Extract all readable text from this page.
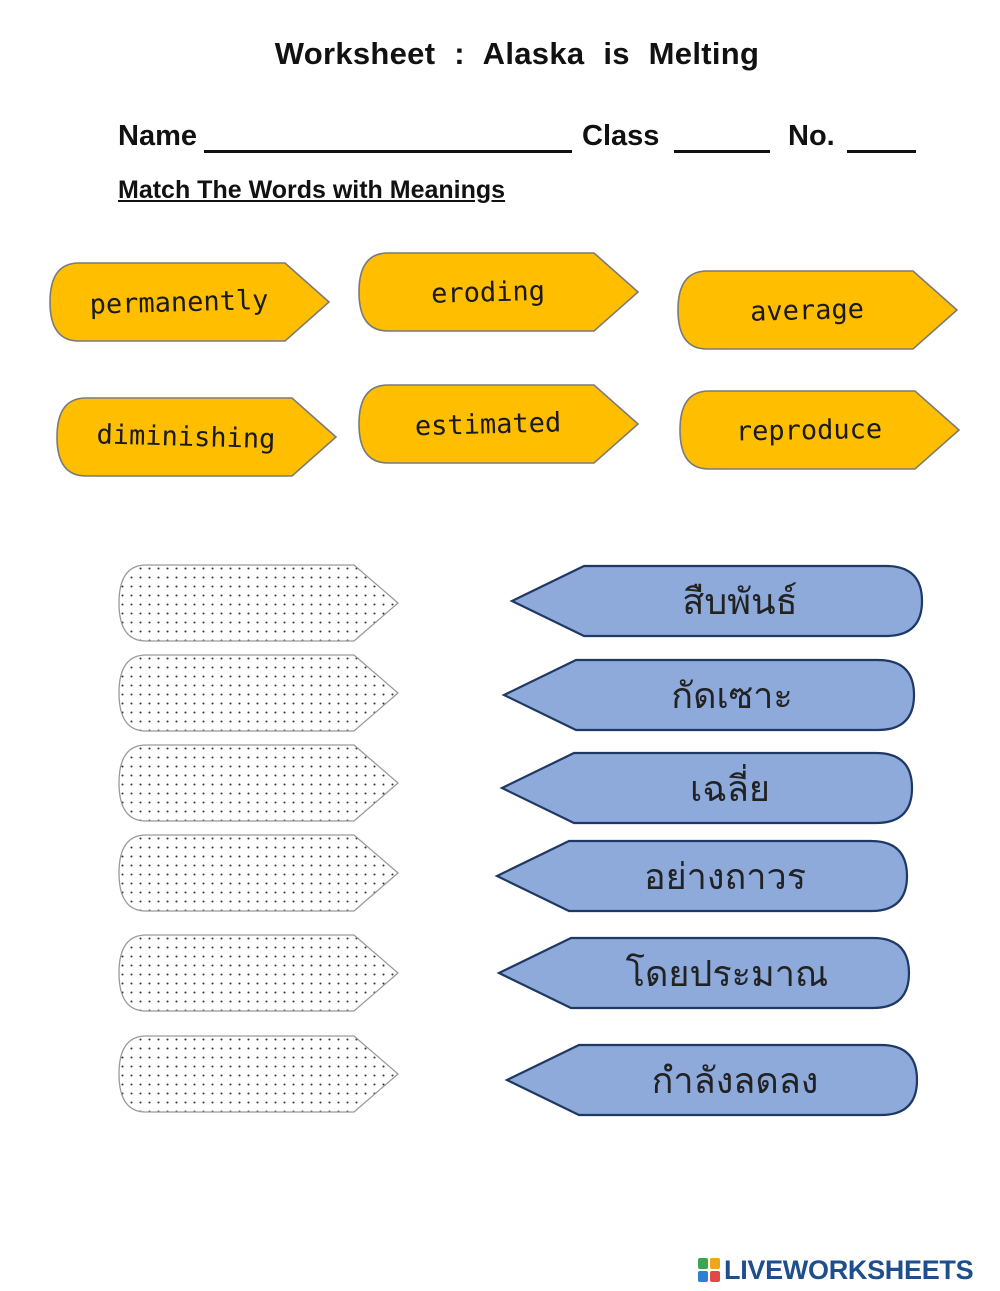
Worksheet : Alaska is Melting
Name	Class	No.
Match The Words with Meanings
permanently	eroding
average
diminishing	estimated	reproduce
สืบพันธ์
กัดเซาะ
เฉลี่ย
อย่างถาวร
โดยประมาณ
กำลังลดลง
LIVEWORKSHEETS
